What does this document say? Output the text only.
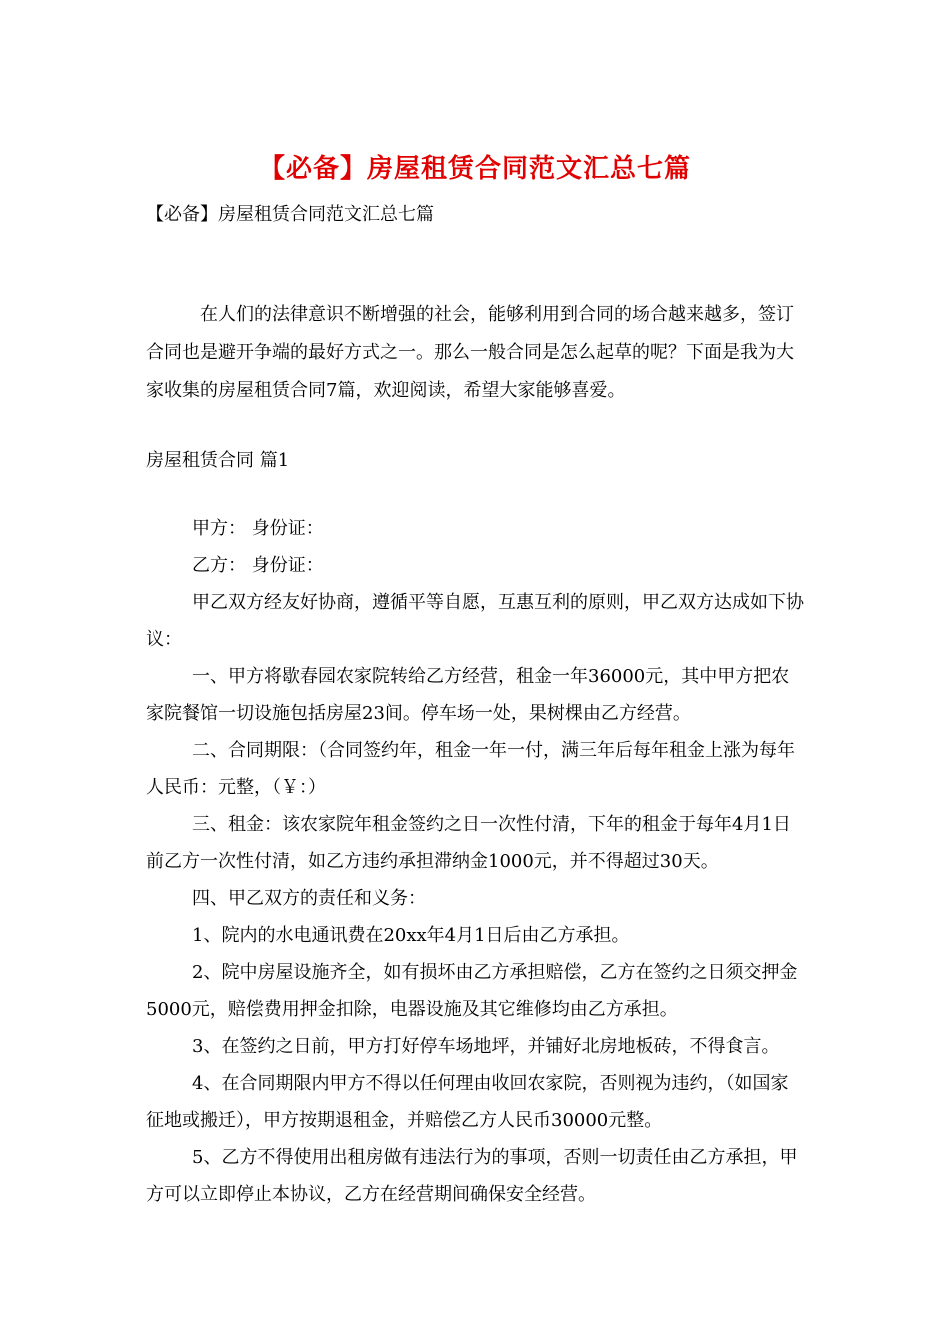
【必备】房屋租赁合同范文汇总七篇
【必备】房屋租赁合同范文汇总七篇

在人们的法律意识不断增强的社会，能够利用到合同的场合越来越多，签订合同也是避开争端的最好方式之一。那么一般合同是怎么起草的呢？下面是我为大家收集的房屋租赁合同7篇，欢迎阅读，希望大家能够喜爱。

房屋租赁合同 篇1

甲方： 身份证：

乙方： 身份证：

甲乙双方经友好协商，遵循平等自愿，互惠互利的原则，甲乙双方达成如下协议：

一、甲方将歇春园农家院转给乙方经营，租金一年36000元，其中甲方把农家院餐馆一切设施包括房屋23间。停车场一处，果树棵由乙方经营。

二、合同期限：（合同签约年，租金一年一付，满三年后每年租金上涨为每年人民币：元整，（￥：）

三、租金：该农家院年租金签约之日一次性付清，下年的租金于每年4月1日前乙方一次性付清，如乙方违约承担滞纳金1000元，并不得超过30天。

四、甲乙双方的责任和义务：

1、院内的水电通讯费在20xx年4月1日后由乙方承担。

2、院中房屋设施齐全，如有损坏由乙方承担赔偿，乙方在签约之日须交押金5000元，赔偿费用押金扣除，电器设施及其它维修均由乙方承担。

3、在签约之日前，甲方打好停车场地坪，并铺好北房地板砖，不得食言。

4、在合同期限内甲方不得以任何理由收回农家院，否则视为违约，（如国家征地或搬迁），甲方按期退租金，并赔偿乙方人民币30000元整。

5、乙方不得使用出租房做有违法行为的事项，否则一切责任由乙方承担，甲方可以立即停止本协议，乙方在经营期间确保安全经营。
